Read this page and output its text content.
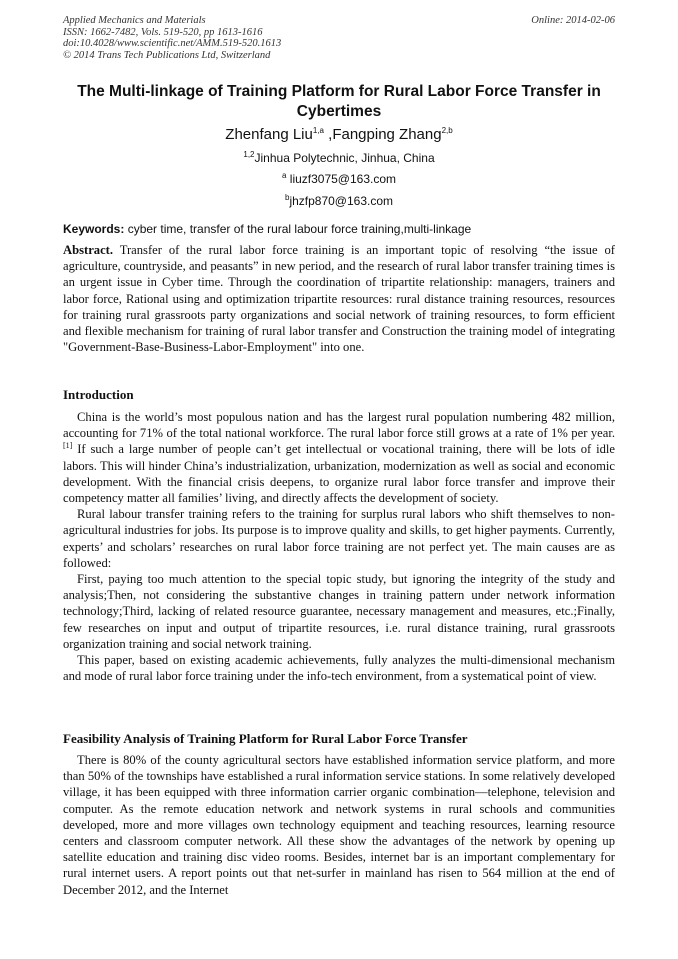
Applied Mechanics and Materials
ISSN: 1662-7482, Vols. 519-520, pp 1613-1616
doi:10.4028/www.scientific.net/AMM.519-520.1613
© 2014 Trans Tech Publications Ltd, Switzerland
Online: 2014-02-06
The Multi-linkage of Training Platform for Rural Labor Force Transfer in Cybertimes
Zhenfang Liu$^{1,a}$ ,Fangping Zhang$^{2,b}$
$^{1,2}$Jinhua Polytechnic, Jinhua, China
$^a$ liuzf3075@163.com
$^b$jhzfp870@163.com
Keywords: cyber time, transfer of the rural labour force training,multi-linkage

Abstract. Transfer of the rural labor force training is an important topic of resolving “the issue of agriculture, countryside, and peasants” in new period, and the research of rural labor transfer training times is an urgent issue in Cyber time. Through the coordination of tripartite relationship: managers, trainers and labor force, Rational using and optimization tripartite resources: rural distance training resources, resources for training rural grassroots party organizations and social network of training resources, to form efficient and flexible mechanism for training of rural labor transfer and Construction the training model of integrating "Government-Base-Business-Labor-Employment" into one.

Introduction

China is the world’s most populous nation and has the largest rural population numbering 482 million, accounting for 71% of the total national workforce. The rural labor force still grows at a rate of 1% per year.[1] If such a large number of people can’t get intellectual or vocational training, there will be lots of idle labors. This will hinder China’s industrialization, urbanization, modernization as well as social and economic development. With the financial crisis deepens, to organize rural labor force transfer and improve their competency matter all families’ living, and directly affects the development of society.

Rural labour transfer training refers to the training for surplus rural labors who shift themselves to non-agricultural industries for jobs. Its purpose is to improve quality and skills, to get higher payments. Currently, experts’ and scholars’ researches on rural labor force training are not perfect yet. The main causes are as followed:

First, paying too much attention to the special topic study, but ignoring the integrity of the study and analysis;Then, not considering the substantive changes in training pattern under network information technology;Third, lacking of related resource guarantee, necessary management and measures, etc.;Finally, few researches on input and output of tripartite resources, i.e. rural distance training, rural grassroots organization training and social network training.

This paper, based on existing academic achievements, fully analyzes the multi-dimensional mechanism and mode of rural labor force training under the info-tech environment, from a systematical point of view.

Feasibility Analysis of Training Platform for Rural Labor Force Transfer

There is 80% of the county agricultural sectors have established information service platform, and more than 50% of the townships have established a rural information service stations. In some relatively developed village, it has been equipped with three information carrier organic combination—telephone, television and computer. As the remote education network and network systems in rural schools and communities developed, more and more villages own technology equipment and teaching resources, learning resource centers and classroom computer network. All these show the advantages of the network by opening up satellite education and training disc video rooms. Besides, internet bar is an important complementary for rural internet users. A report points out that net-surfer in mainland has risen to 564 million at the end of December 2012, and the Internet
